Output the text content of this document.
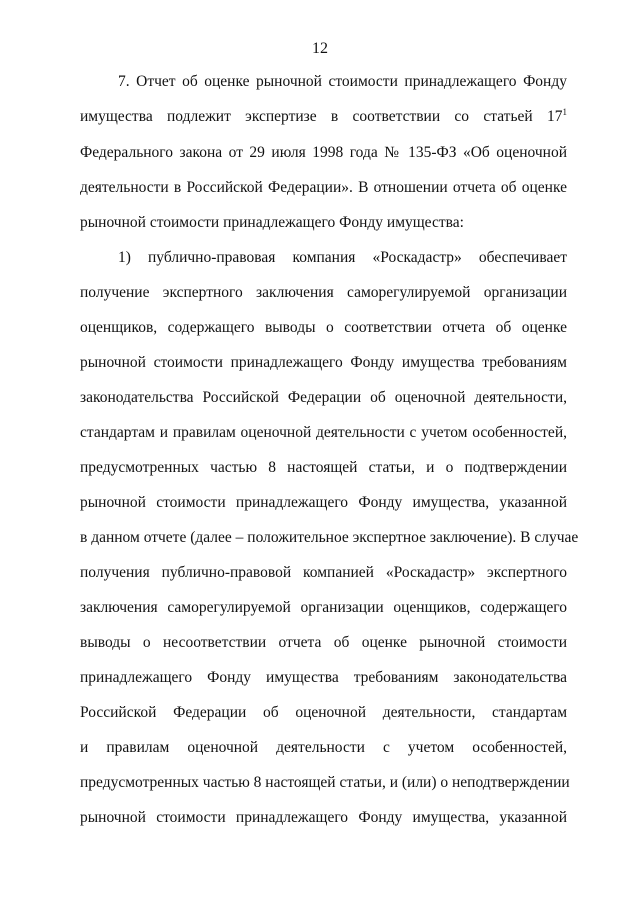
12
7. Отчет об оценке рыночной стоимости принадлежащего Фонду
имущества подлежит экспертизе в соответствии со статьей $17^1$
Федерального закона от 29 июля 1998 года № 135-ФЗ «Об оценочной
деятельности в Российской Федерации». В отношении отчета об оценке
рыночной стоимости принадлежащего Фонду имущества:
1) публично-правовая компания «Роскадастр» обеспечивает
получение экспертного заключения саморегулируемой организации
оценщиков, содержащего выводы о соответствии отчета об оценке
рыночной стоимости принадлежащего Фонду имущества требованиям
законодательства Российской Федерации об оценочной деятельности,
стандартам и правилам оценочной деятельности с учетом особенностей,
предусмотренных частью 8 настоящей статьи, и о подтверждении
рыночной стоимости принадлежащего Фонду имущества, указанной
в данном отчете (далее – положительное экспертное заключение). В случае
получения публично-правовой компанией «Роскадастр» экспертного
заключения саморегулируемой организации оценщиков, содержащего
выводы о несоответствии отчета об оценке рыночной стоимости
принадлежащего Фонду имущества требованиям законодательства
Российской Федерации об оценочной деятельности, стандартам
и правилам оценочной деятельности с учетом особенностей,
предусмотренных частью 8 настоящей статьи, и (или) о неподтверждении
рыночной стоимости принадлежащего Фонду имущества, указанной
